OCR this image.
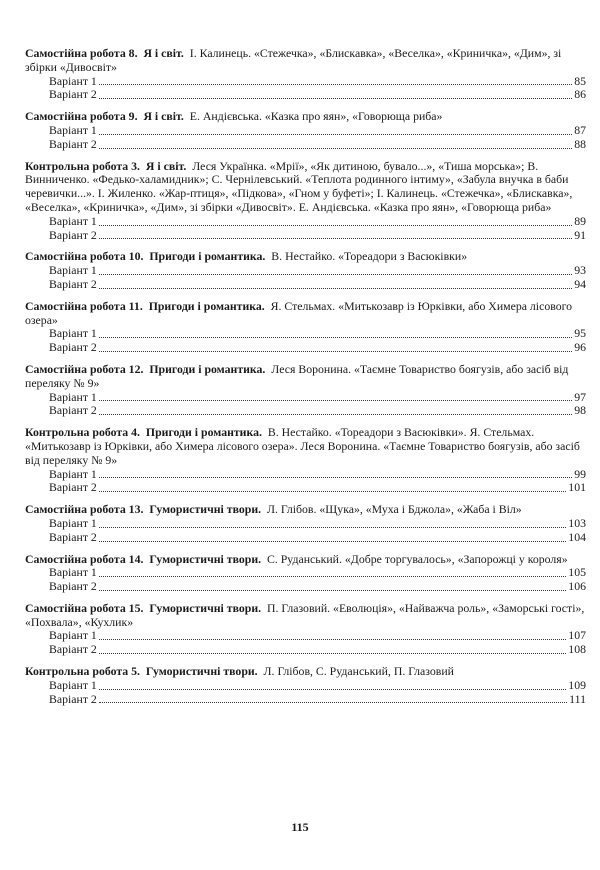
Самостійна робота 8. Я і світ. І. Калинець. «Стежечка», «Блискавка», «Веселка», «Криничка», «Дим», зі збірки «Дивосвіт»
Варіант 1	85
Варіант 2	86
Самостійна робота 9. Я і світ. Е. Андієвська. «Казка про яян», «Говорюща риба»
Варіант 1	87
Варіант 2	88
Контрольна робота 3. Я і світ. Леся Українка. «Мрії», «Як дитиною, бувало...», «Тиша морська»; В. Винниченко. «Федько-халамидник»; С. Чернілевський. «Теплота родинного інтиму», «Забула внучка в баби черевички...». І. Жиленко. «Жар-птиця», «Підкова», «Гном у буфеті»; І. Калинець. «Стежечка», «Блискавка», «Веселка», «Криничка», «Дим», зі збірки «Дивосвіт». Е. Андієвська. «Казка про яян», «Говорюща риба»
Варіант 1	89
Варіант 2	91
Самостійна робота 10. Пригоди і романтика. В. Нестайко. «Тореадори з Васюківки»
Варіант 1	93
Варіант 2	94
Самостійна робота 11. Пригоди і романтика. Я. Стельмах. «Митькозавр із Юрківки, або Химера лісового озера»
Варіант 1	95
Варіант 2	96
Самостійна робота 12. Пригоди і романтика. Леся Воронина. «Таємне Товариство боягузів, або засіб від переляку № 9»
Варіант 1	97
Варіант 2	98
Контрольна робота 4. Пригоди і романтика. В. Нестайко. «Тореадори з Васюківки». Я. Стельмах. «Митькозавр із Юрківки, або Химера лісового озера». Леся Воронина. «Таємне Товариство боягузів, або засіб від переляку № 9»
Варіант 1	99
Варіант 2	101
Самостійна робота 13. Гумористичні твори. Л. Глібов. «Щука», «Муха і Бджола», «Жаба і Віл»
Варіант 1	103
Варіант 2	104
Самостійна робота 14. Гумористичні твори. С. Руданський. «Добре торгувалось», «Запорожці у короля»
Варіант 1	105
Варіант 2	106
Самостійна робота 15. Гумористичні твори. П. Глазовий. «Еволюція», «Найважча роль», «Заморські гості», «Похвала», «Кухлик»
Варіант 1	107
Варіант 2	108
Контрольна робота 5. Гумористичні твори. Л. Глібов, С. Руданський, П. Глазовий
Варіант 1	109
Варіант 2	111
115
